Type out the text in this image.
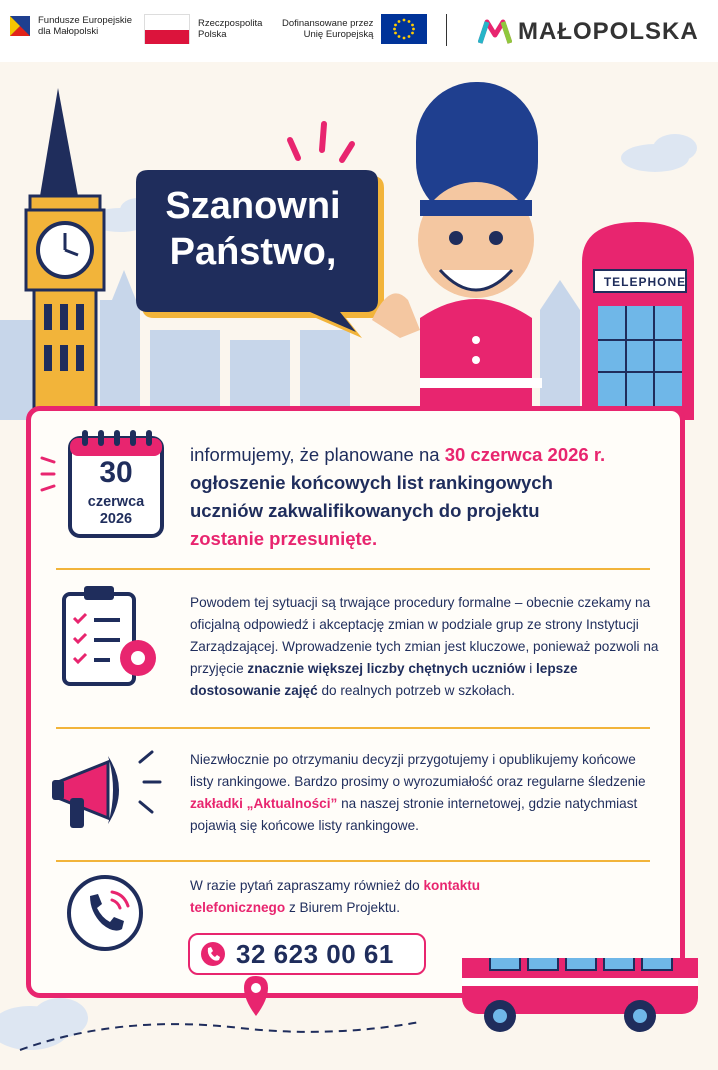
Fundusze Europejskie
dla Małopolski
Rzeczpospolita
Polska
Dofinansowane przez
Unię Europejską	MAŁOPOLSKA
Szanowni
Państwo,
TELEPHONE
30
czerwca
2026
informujemy, że planowane na 30 czerwca 2026 r. ogłoszenie końcowych list rankingowych uczniów zakwalifikowanych do projektu
zostanie przesunięte.
Powodem tej sytuacji są trwające procedury formalne – obecnie czekamy na oficjalną odpowiedź i akceptację zmian w podziale grup ze strony Instytucji Zarządzającej. Wprowadzenie tych zmian jest kluczowe, ponieważ pozwoli na przyjęcie znacznie większej liczby chętnych uczniów i lepsze dostosowanie zajęć do realnych potrzeb w szkołach.
Niezwłocznie po otrzymaniu decyzji przygotujemy i opublikujemy końcowe listy rankingowe. Bardzo prosimy o wyrozumiałość oraz regularne śledzenie zakładki „Aktualności” na naszej stronie internetowej, gdzie natychmiast pojawią się końcowe listy rankingowe.
W razie pytań zapraszamy również do kontaktu telefonicznego z Biurem Projektu.
32 623 00 61
